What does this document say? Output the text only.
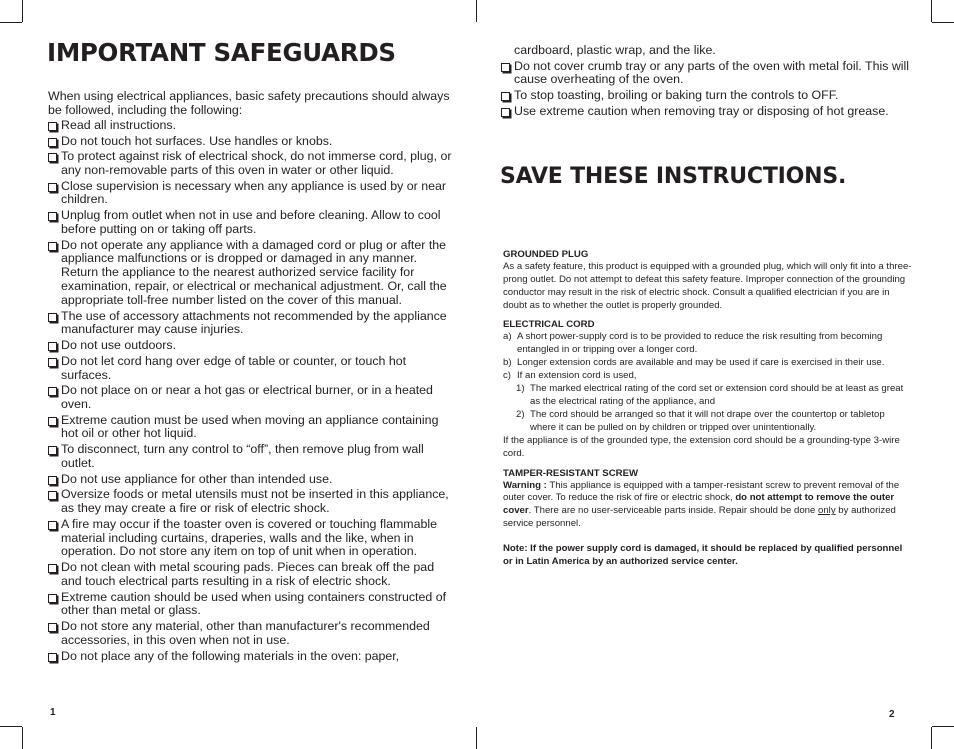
IMPORTANT SAFEGUARDS

When using electrical appliances, basic safety precautions should always be followed, including the following:

Read all instructions.
Do not touch hot surfaces. Use handles or knobs.
To protect against risk of electrical shock, do not immerse cord, plug, or any non-removable parts of this oven in water or other liquid.
Close supervision is necessary when any appliance is used by or near children.
Unplug from outlet when not in use and before cleaning. Allow to cool before putting on or taking off parts.
Do not operate any appliance with a damaged cord or plug or after the appliance malfunctions or is dropped or damaged in any manner. Return the appliance to the nearest authorized service facility for examination, repair, or electrical or mechanical adjustment. Or, call the appropriate toll-free number listed on the cover of this manual.
The use of accessory attachments not recommended by the appliance manufacturer may cause injuries.
Do not use outdoors.
Do not let cord hang over edge of table or counter, or touch hot surfaces.
Do not place on or near a hot gas or electrical burner, or in a heated oven.
Extreme caution must be used when moving an appliance containing hot oil or other hot liquid.
To disconnect, turn any control to “off”, then remove plug from wall outlet.
Do not use appliance for other than intended use.
Oversize foods or metal utensils must not be inserted in this appliance, as they may create a fire or risk of electric shock.
A fire may occur if the toaster oven is covered or touching flammable material including curtains, draperies, walls and the like, when in operation. Do not store any item on top of unit when in operation.
Do not clean with metal scouring pads. Pieces can break off the pad and touch electrical parts resulting in a risk of electric shock.
Extreme caution should be used when using containers constructed of other than metal or glass.
Do not store any material, other than manufacturer's recommended accessories, in this oven when not in use.
Do not place any of the following materials in the oven: paper,
1

cardboard, plastic wrap, and the like.

Do not cover crumb tray or any parts of the oven with metal foil. This will cause overheating of the oven.
To stop toasting, broiling or baking turn the controls to OFF.
Use extreme caution when removing tray or disposing of hot grease.
SAVE THESE INSTRUCTIONS.

GROUNDED PLUG

As a safety feature, this product is equipped with a grounded plug, which will only fit into a three-prong outlet. Do not attempt to defeat this safety feature. Improper connection of the grounding conductor may result in the risk of electric shock. Consult a qualified electrician if you are in doubt as to whether the outlet is properly grounded.

ELECTRICAL CORD

a) A short power-supply cord is to be provided to reduce the risk resulting from becoming entangled in or tripping over a longer cord.
b) Longer extension cords are available and may be used if care is exercised in their use.
c) If an extension cord is used,
1) The marked electrical rating of the cord set or extension cord should be at least as great as the electrical rating of the appliance, and
2) The cord should be arranged so that it will not drape over the countertop or tabletop where it can be pulled on by children or tripped over unintentionally.

If the appliance is of the grounded type, the extension cord should be a grounding-type 3-wire cord.

TAMPER-RESISTANT SCREW

Warning : This appliance is equipped with a tamper-resistant screw to prevent removal of the outer cover. To reduce the risk of fire or electric shock, do not attempt to remove the outer cover. There are no user-serviceable parts inside. Repair should be done only by authorized service personnel.

Note: If the power supply cord is damaged, it should be replaced by qualified personnel or in Latin America by an authorized service center.

2
